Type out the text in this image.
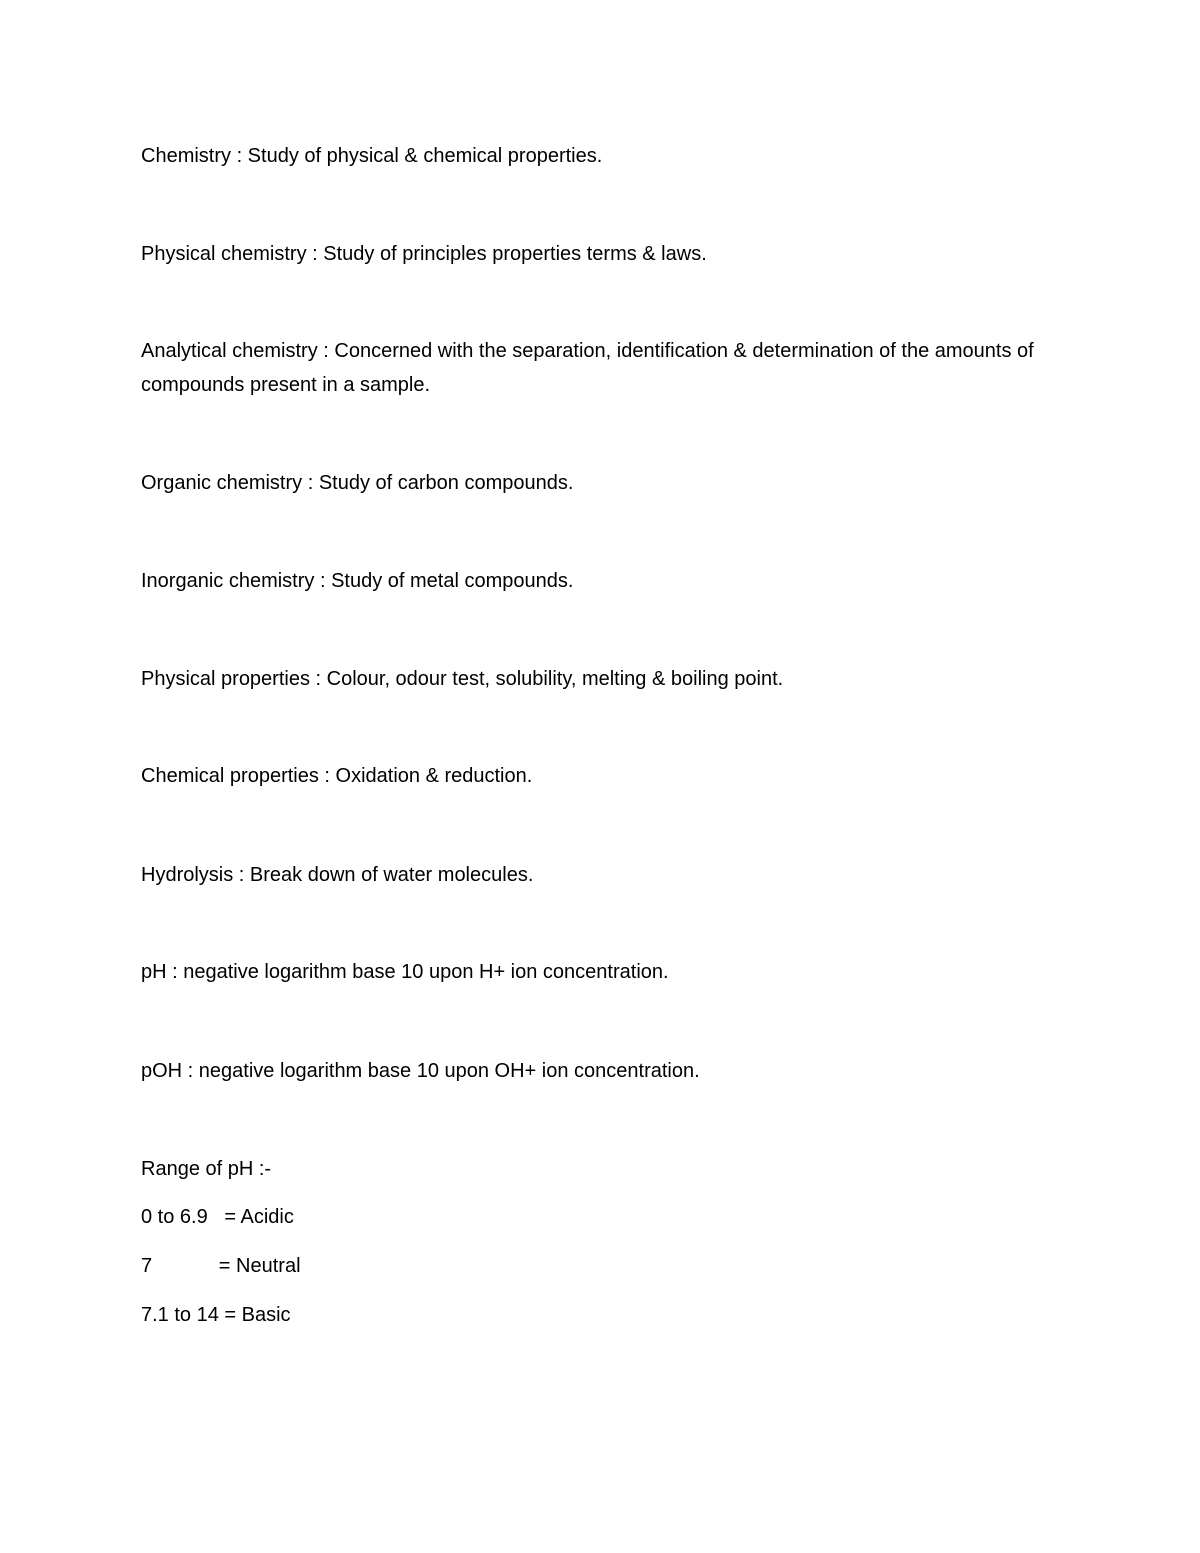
Chemistry : Study of physical & chemical properties.
Physical chemistry : Study of principles properties terms & laws.
Analytical chemistry : Concerned with the separation, identification & determination of the amounts of compounds present in a sample.
Organic chemistry : Study of carbon compounds.
Inorganic chemistry : Study of metal compounds.
Physical properties : Colour, odour test, solubility, melting & boiling point.
Chemical properties : Oxidation & reduction.
Hydrolysis : Break down of water molecules.
pH : negative logarithm base 10 upon H+ ion concentration.
pOH : negative logarithm base 10 upon OH+ ion concentration.
Range of pH :-
0 to 6.9   = Acidic
7            = Neutral
7.1 to 14 = Basic
